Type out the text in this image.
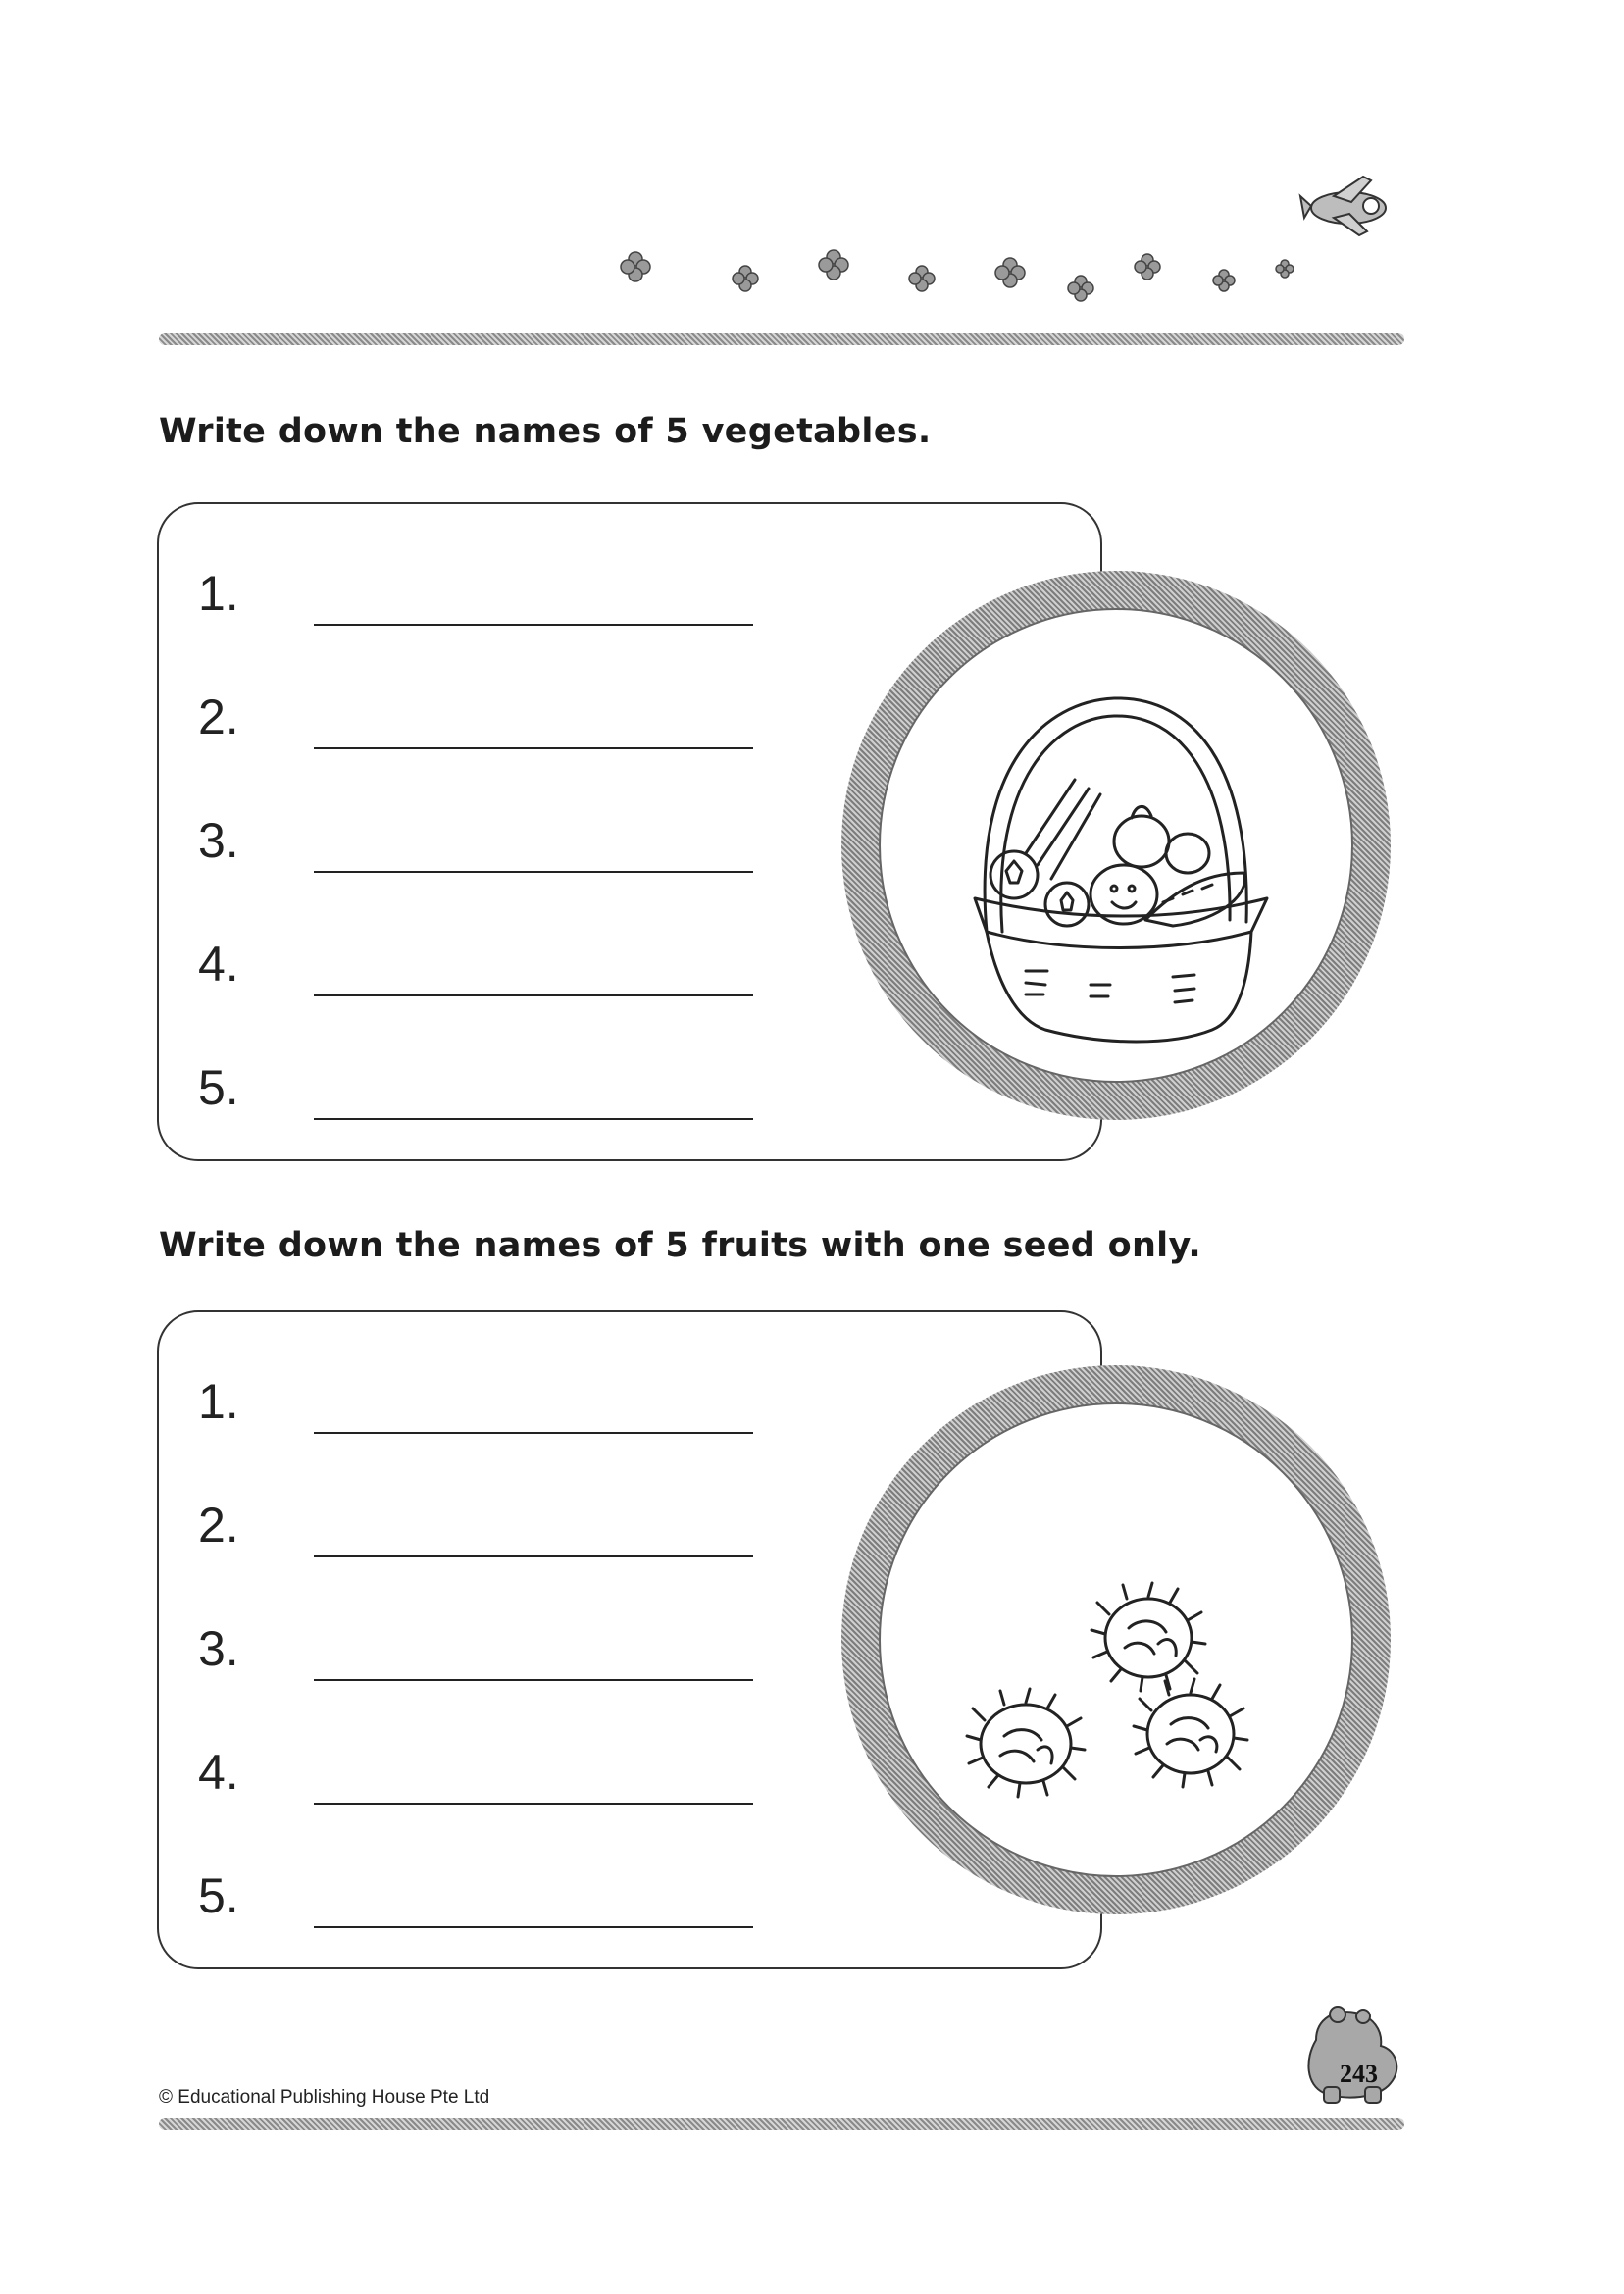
Write down the names of 5 vegetables.
1.
2.
3.
4.
5.
Write down the names of 5 fruits with one seed only.
1.
2.
3.
4.
5.
© Educational Publishing House Pte Ltd
243
